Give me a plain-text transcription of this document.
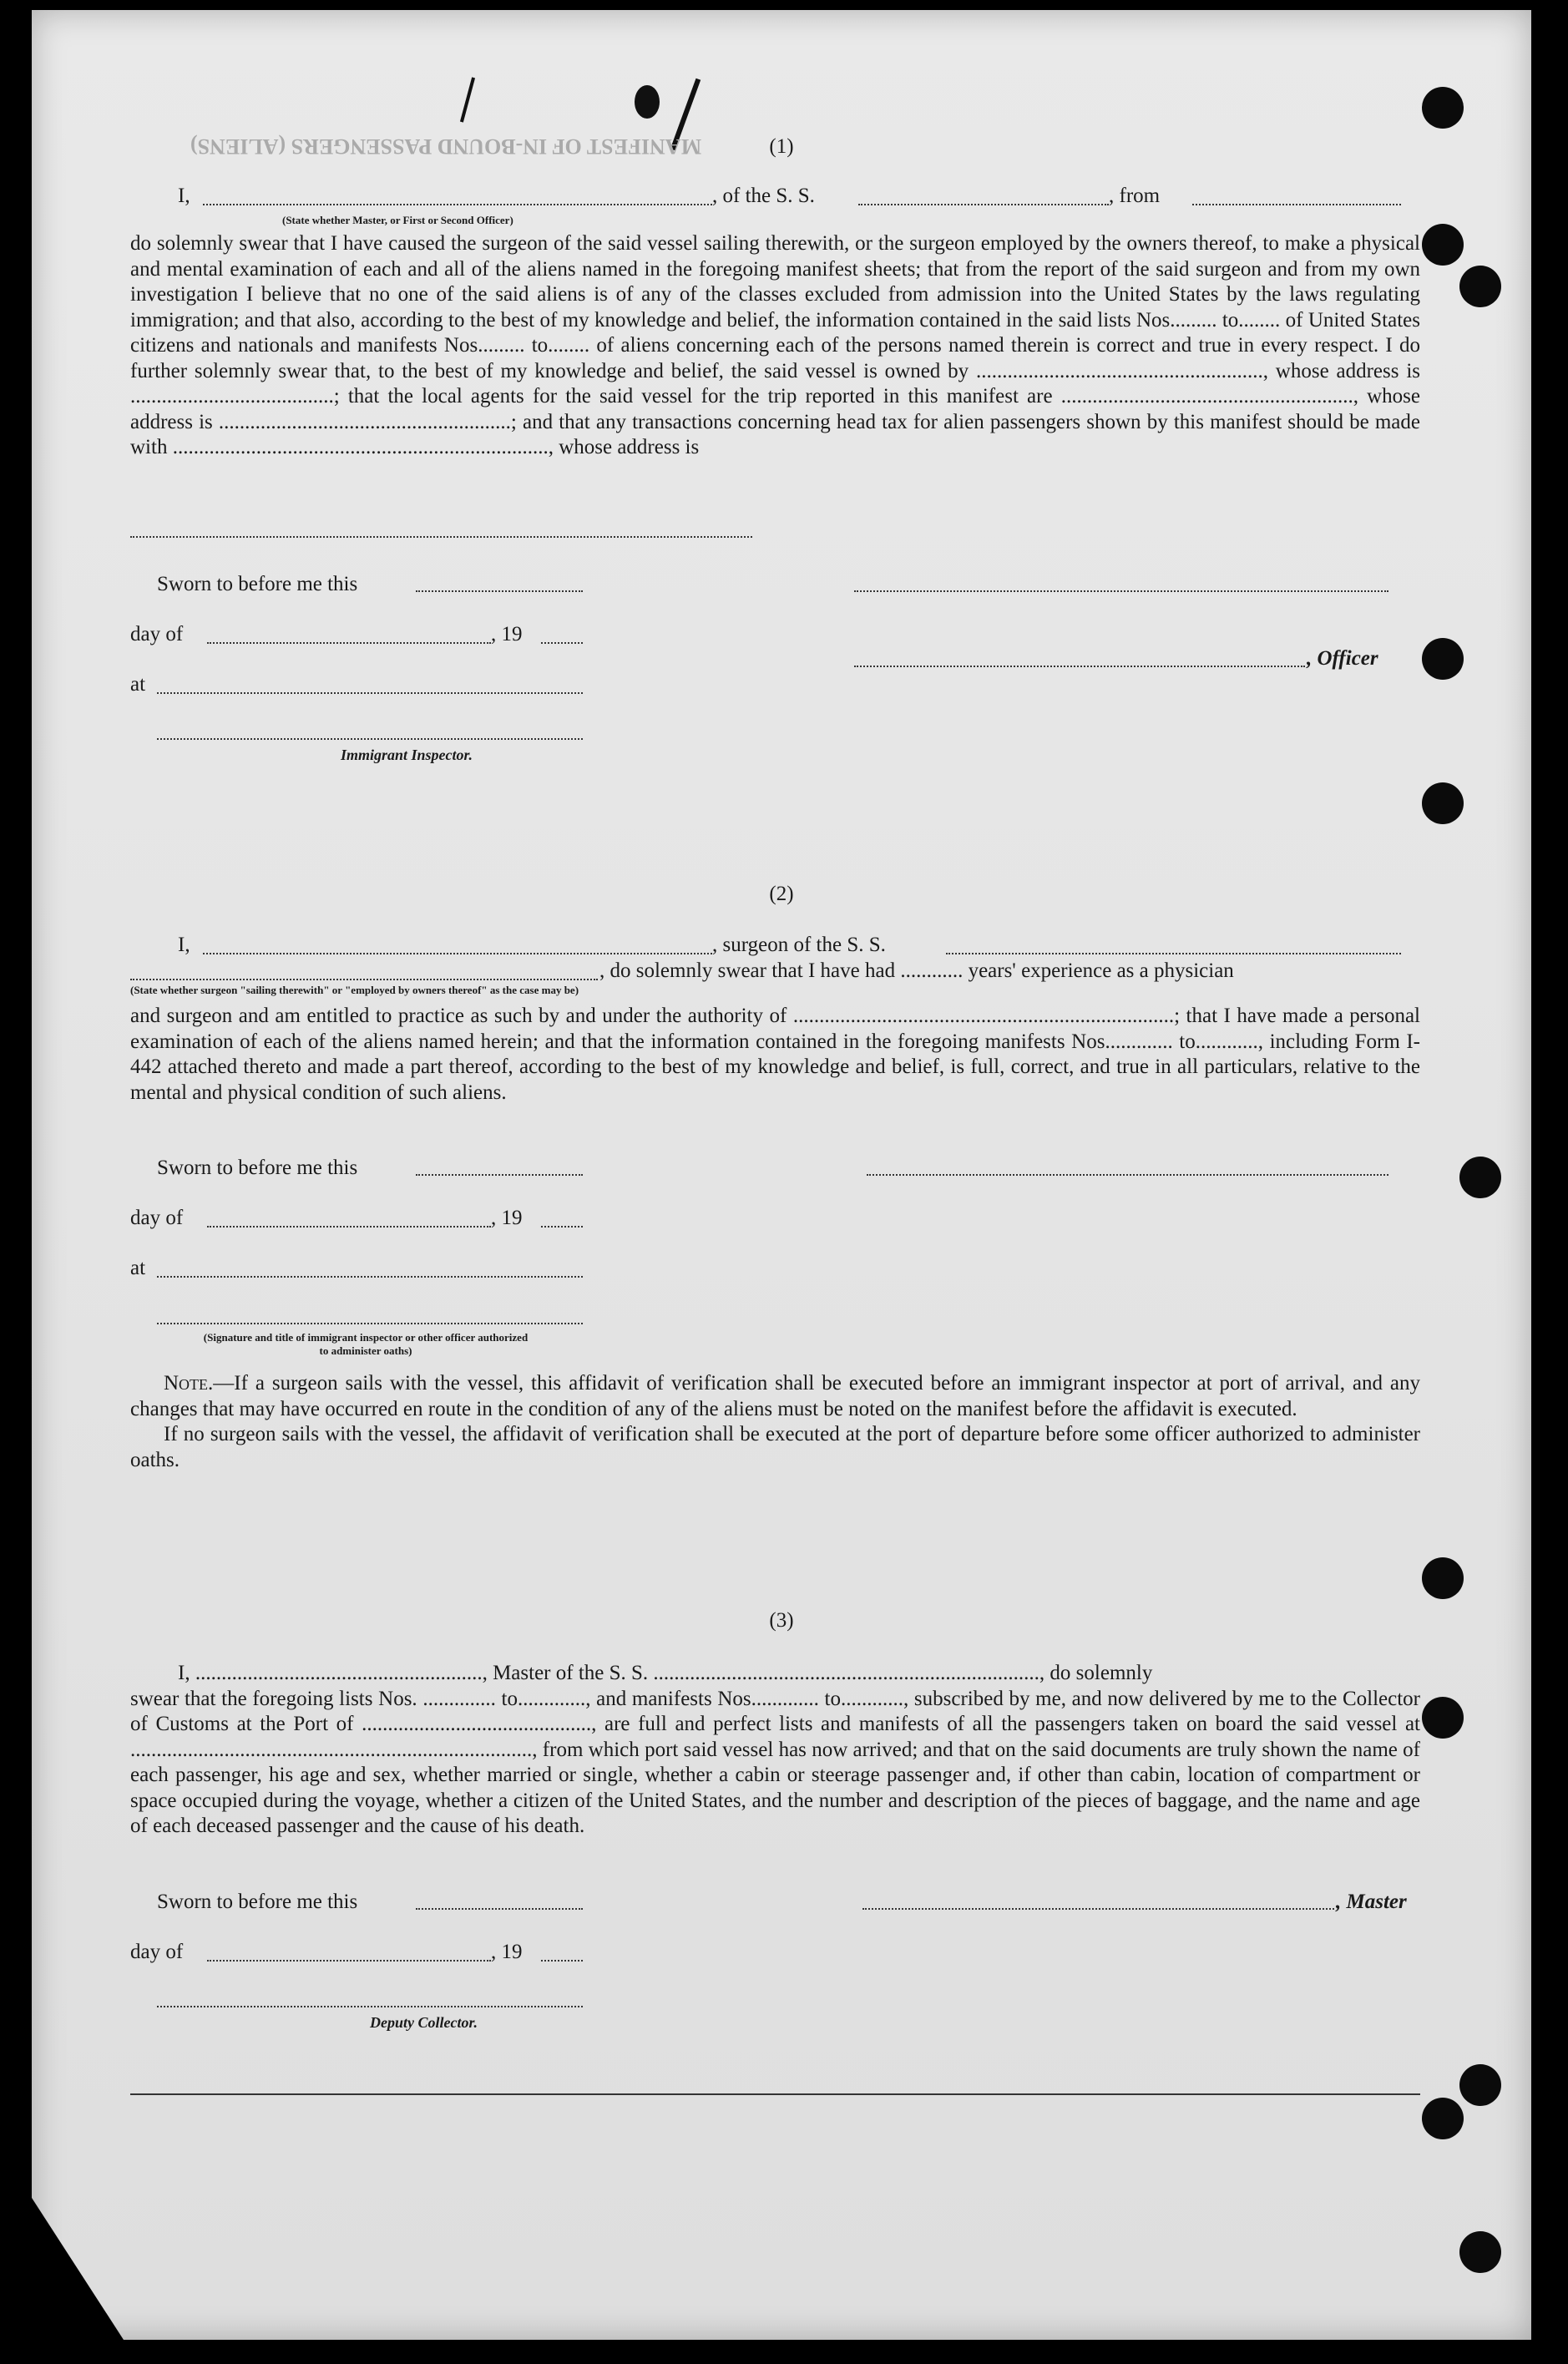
MANIFEST OF IN-BOUND PASSENGERS (ALIENS)	(1)
I,	, of the S. S.	, from
(State whether Master, or First or Second Officer)

do solemnly swear that I have caused the surgeon of the said vessel sailing therewith, or the surgeon employed by the owners thereof, to make a physical and mental examination of each and all of the aliens named in the foregoing manifest sheets; that from the report of the said surgeon and from my own investigation I believe that no one of the said aliens is of any of the classes excluded from admission into the United States by the laws regulating immigration; and that also, according to the best of my knowledge and belief, the information contained in the said lists Nos......... to........ of United States citizens and nationals and manifests Nos......... to........ of aliens concerning each of the persons named therein is correct and true in every respect. I do further solemnly swear that, to the best of my knowledge and belief, the said vessel is owned by ......................................................., whose address is .......................................; that the local agents for the said vessel for the trip reported in this manifest are ........................................................, whose address is ........................................................; and that any transactions concerning head tax for alien passengers shown by this manifest should be made with ........................................................................, whose address is

Sworn to before me this
day of	, 19
, Officer
at
Immigrant Inspector.
(2)
I,	, surgeon of the S. S.
, do solemnly swear that I have had ............ years' experience as a physician
(State whether surgeon "sailing therewith" or "employed by owners thereof" as the case may be)

and surgeon and am entitled to practice as such by and under the authority of .........................................................................; that I have made a personal examination of each of the aliens named herein; and that the information contained in the foregoing manifests Nos............. to............, including Form I-442 attached thereto and made a part thereof, according to the best of my knowledge and belief, is full, correct, and true in all particulars, relative to the mental and physical condition of such aliens.

Sworn to before me this
day of	, 19
at
(Signature and title of immigrant inspector or other officer authorized to administer oaths)

Note.—If a surgeon sails with the vessel, this affidavit of verification shall be executed before an immigrant inspector at port of arrival, and any changes that may have occurred en route in the condition of any of the aliens must be noted on the manifest before the affidavit is executed.

If no surgeon sails with the vessel, the affidavit of verification shall be executed at the port of departure before some officer authorized to administer oaths.

(3)

I, ......................................................., Master of the S. S. .........................................................................., do solemnly

swear that the foregoing lists Nos. .............. to............., and manifests Nos............. to............, subscribed by me, and now delivered by me to the Collector of Customs at the Port of ............................................, are full and perfect lists and manifests of all the passengers taken on board the said vessel at ............................................................................., from which port said vessel has now arrived; and that on the said documents are truly shown the name of each passenger, his age and sex, whether married or single, whether a cabin or steerage passenger and, if other than cabin, location of compartment or space occupied during the voyage, whether a citizen of the United States, and the number and description of the pieces of baggage, and the name and age of each deceased passenger and the cause of his death.

Sworn to before me this	, Master
day of	, 19
Deputy Collector.
